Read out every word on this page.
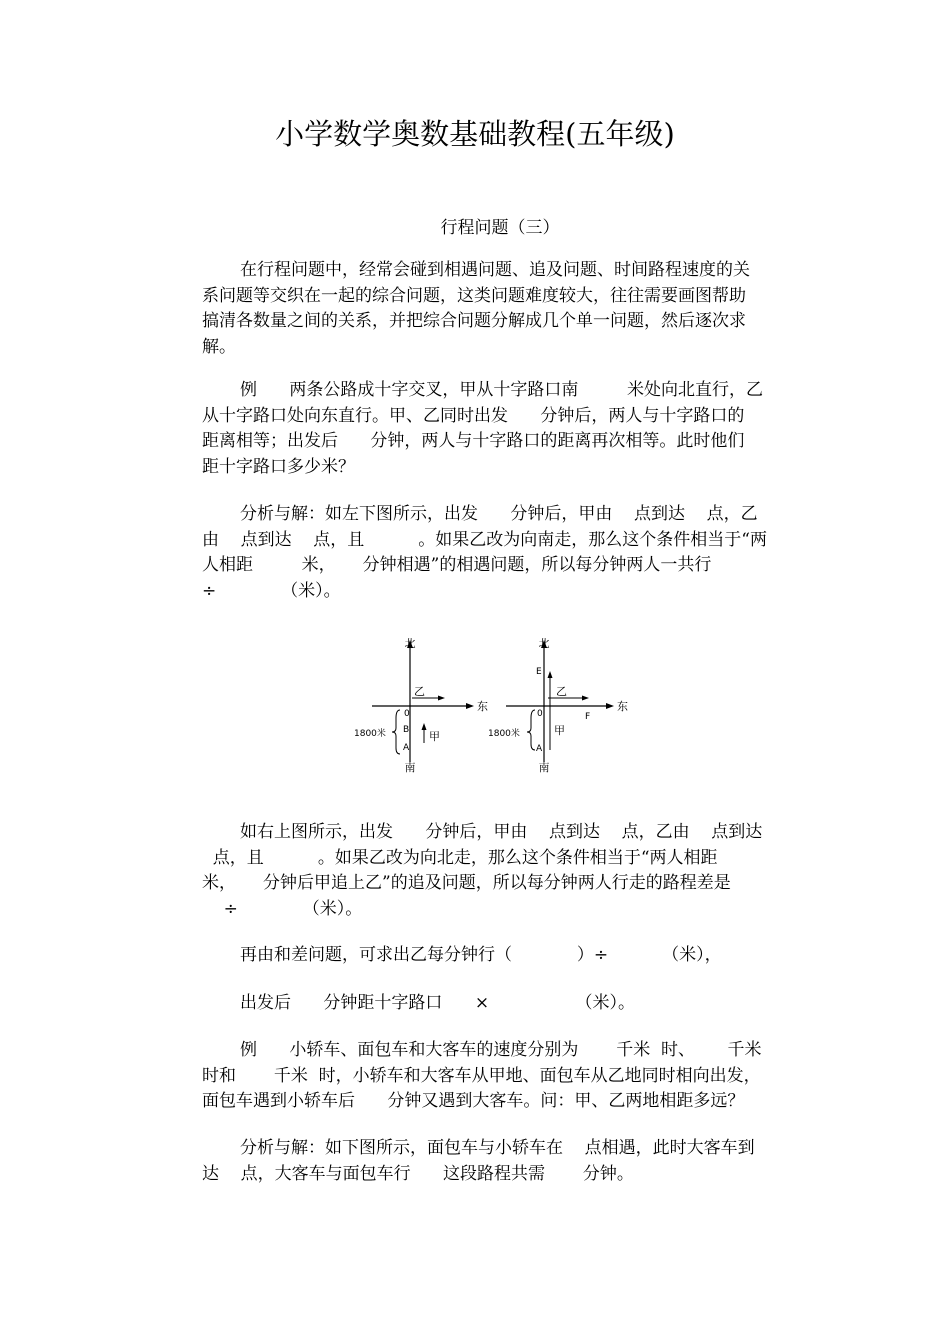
小学数学奥数基础教程(五年级)
行程问题（三）

在行程问题中，经常会碰到相遇问题、追及问题、时间路程速度的关
系问题等交织在一起的综合问题，这类问题难度较大，往往需要画图帮助
搞清各数量之间的关系，并把综合问题分解成几个单一问题，然后逐次求
解。

例      两条公路成十字交叉，甲从十字路口南         米处向北直行，乙
从十字路口处向东直行。甲、乙同时出发      分钟后，两人与十字路口的
距离相等；出发后      分钟，两人与十字路口的距离再次相等。此时他们
距十字路口多少米？

分析与解：如左下图所示，出发      分钟后，甲由    点到达    点，乙
由    点到达    点，且          。如果乙改为向南走，那么这个条件相当于“两
人相距         米，     分钟相遇”的相遇问题，所以每分钟两人一共行
÷            （米）。

北
南
东
0
乙
甲
B
A
1800米
北
南
东
0
乙
甲
E
A
F
1800米

如右上图所示，出发      分钟后，甲由    点到达    点，乙由    点到达
点，且          。如果乙改为向北走，那么这个条件相当于“两人相距
米，     分钟后甲追上乙”的追及问题，所以每分钟两人行走的路程差是
÷            （米）。

再由和差问题，可求出乙每分钟行（            ）÷          （米），

出发后      分钟距十字路口      ×                （米）。

例      小轿车、面包车和大客车的速度分别为       千米  时、      千米
时和       千米  时，小轿车和大客车从甲地、面包车从乙地同时相向出发，
面包车遇到小轿车后      分钟又遇到大客车。问：甲、乙两地相距多远？

分析与解：如下图所示，面包车与小轿车在    点相遇，此时大客车到
达    点，大客车与面包车行      这段路程共需       分钟。
